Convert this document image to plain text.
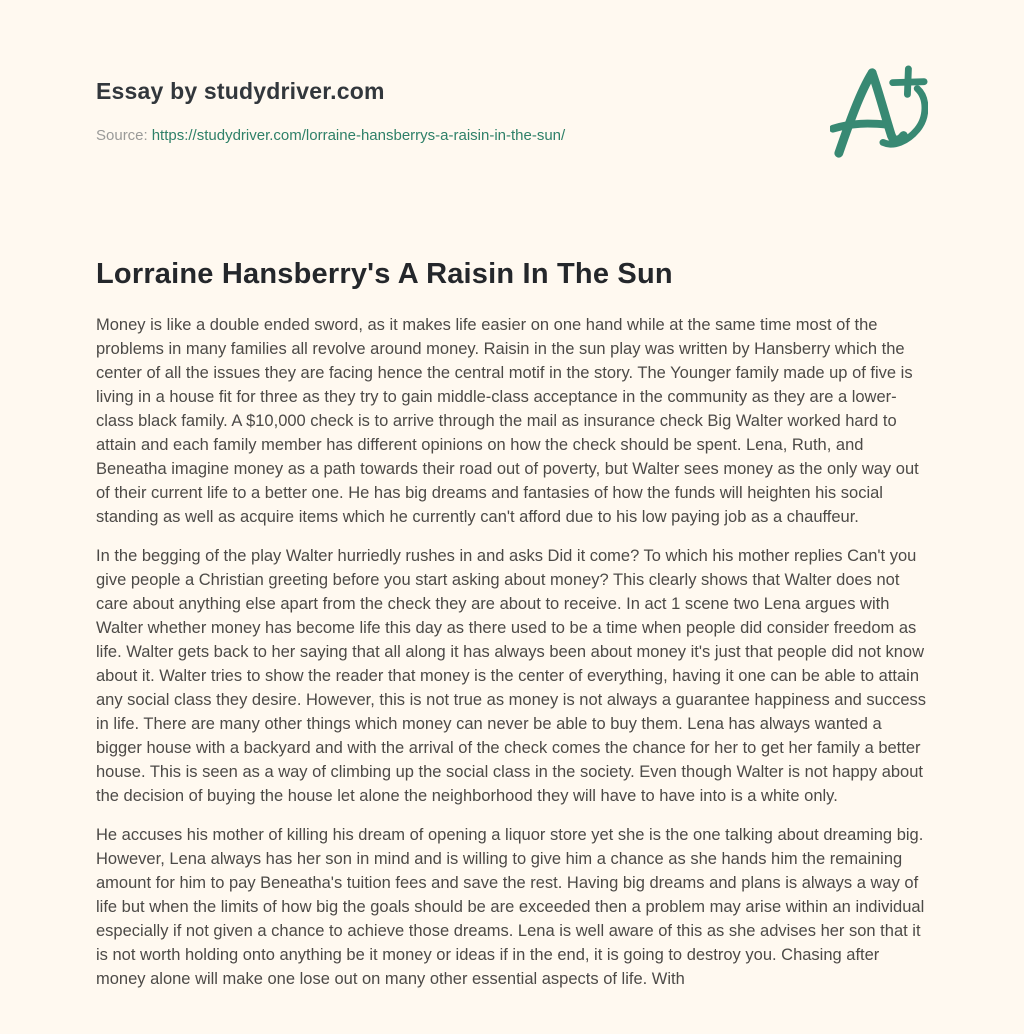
Essay by studydriver.com
Source: https://studydriver.com/lorraine-hansberrys-a-raisin-in-the-sun/
Lorraine Hansberry's A Raisin In The Sun

Money is like a double ended sword, as it makes life easier on one hand while at the same time most of the problems in many families all revolve around money. Raisin in the sun play was written by Hansberry which the center of all the issues they are facing hence the central motif in the story. The Younger family made up of five is living in a house fit for three as they try to gain middle-class acceptance in the community as they are a lower-class black family. A $10,000 check is to arrive through the mail as insurance check Big Walter worked hard to attain and each family member has different opinions on how the check should be spent. Lena, Ruth, and Beneatha imagine money as a path towards their road out of poverty, but Walter sees money as the only way out of their current life to a better one. He has big dreams and fantasies of how the funds will heighten his social standing as well as acquire items which he currently can't afford due to his low paying job as a chauffeur.

In the begging of the play Walter hurriedly rushes in and asks Did it come? To which his mother replies Can't you give people a Christian greeting before you start asking about money? This clearly shows that Walter does not care about anything else apart from the check they are about to receive. In act 1 scene two Lena argues with Walter whether money has become life this day as there used to be a time when people did consider freedom as life. Walter gets back to her saying that all along it has always been about money it's just that people did not know about it. Walter tries to show the reader that money is the center of everything, having it one can be able to attain any social class they desire. However, this is not true as money is not always a guarantee happiness and success in life. There are many other things which money can never be able to buy them. Lena has always wanted a bigger house with a backyard and with the arrival of the check comes the chance for her to get her family a better house. This is seen as a way of climbing up the social class in the society. Even though Walter is not happy about the decision of buying the house let alone the neighborhood they will have to have into is a white only.

He accuses his mother of killing his dream of opening a liquor store yet she is the one talking about dreaming big. However, Lena always has her son in mind and is willing to give him a chance as she hands him the remaining amount for him to pay Beneatha's tuition fees and save the rest. Having big dreams and plans is always a way of life but when the limits of how big the goals should be are exceeded then a problem may arise within an individual especially if not given a chance to achieve those dreams. Lena is well aware of this as she advises her son that it is not worth holding onto anything be it money or ideas if in the end, it is going to destroy you. Chasing after money alone will make one lose out on many other essential aspects of life. With
